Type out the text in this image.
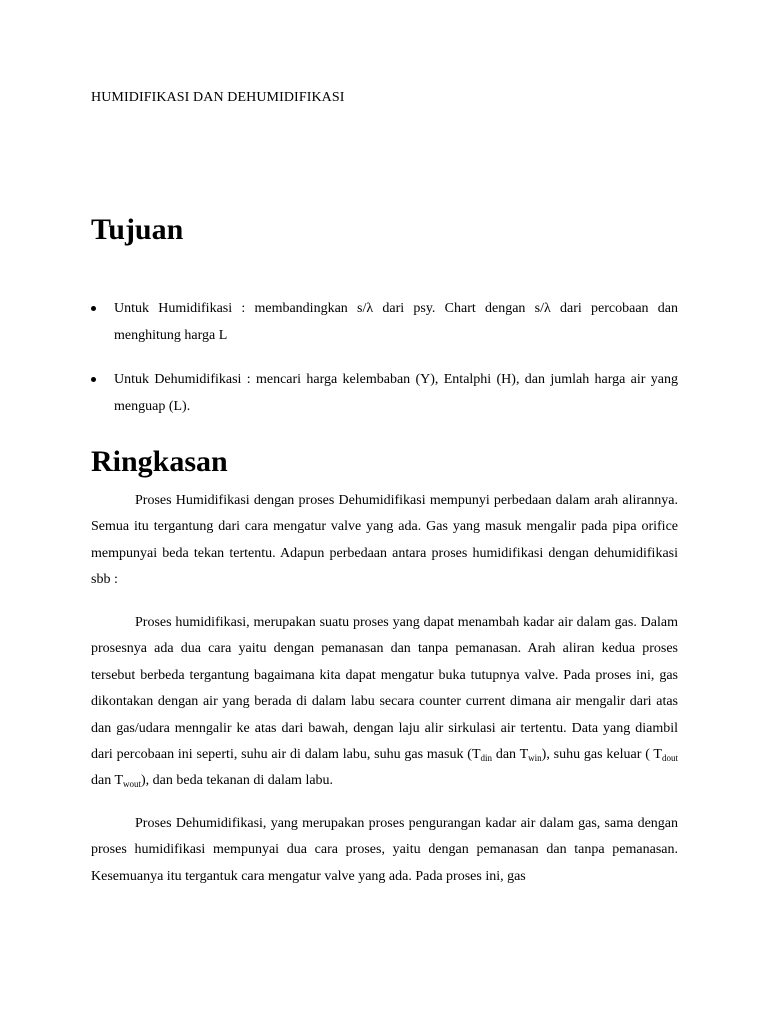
HUMIDIFIKASI DAN DEHUMIDIFIKASI

Tujuan
Untuk Humidifikasi : membandingkan s/λ dari psy. Chart dengan s/λ dari percobaan dan menghitung harga L
Untuk Dehumidifikasi : mencari harga kelembaban (Y), Entalphi (H), dan jumlah harga air yang menguap (L).
Ringkasan

Proses Humidifikasi dengan proses Dehumidifikasi mempunyi perbedaan dalam arah alirannya. Semua itu tergantung dari cara mengatur valve yang ada. Gas yang masuk mengalir pada pipa orifice mempunyai beda tekan tertentu. Adapun perbedaan antara proses humidifikasi dengan dehumidifikasi sbb :

Proses humidifikasi, merupakan suatu proses yang dapat menambah kadar air dalam gas. Dalam prosesnya ada dua cara yaitu dengan pemanasan dan tanpa pemanasan. Arah aliran kedua proses tersebut berbeda tergantung bagaimana kita dapat mengatur buka tutupnya valve. Pada proses ini, gas dikontakan dengan air yang berada di dalam labu secara counter current dimana air mengalir dari atas dan gas/udara menngalir ke atas dari bawah, dengan laju alir sirkulasi air tertentu. Data yang diambil dari percobaan ini seperti, suhu air di dalam labu, suhu gas masuk ($T_{din}$ dan $T_{win}$), suhu gas keluar ( $T_{dout}$ dan $T_{wout}$), dan beda tekanan di dalam labu.

Proses Dehumidifikasi, yang merupakan proses pengurangan kadar air dalam gas, sama dengan proses humidifikasi mempunyai dua cara proses, yaitu dengan pemanasan dan tanpa pemanasan. Kesemuanya itu tergantuk cara mengatur valve yang ada. Pada proses ini, gas
